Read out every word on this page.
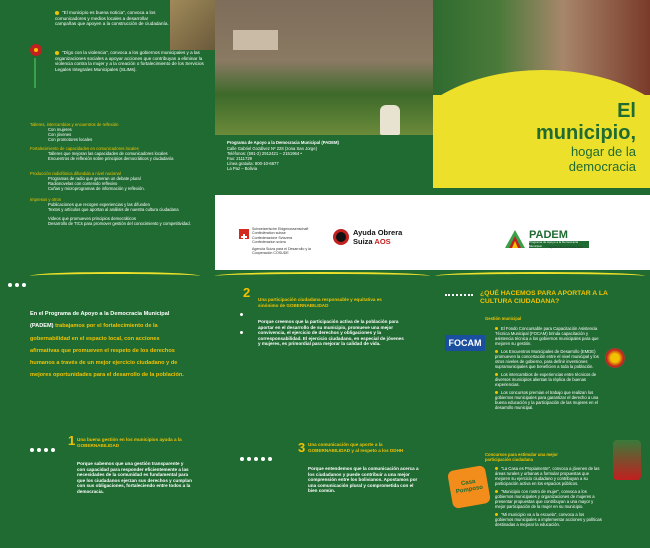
"El municipio es buena noticia", convoca a los comunicadores y medios locales a desarrollar campañas que apoyen a la construcción de ciudadanía.
"Dígo con la violencia", convoca a los gobiernos municipales y a las organizaciones sociales a apoyar acciones que contribuyan a eliminar la violencia contra la mujer y a la creación o fortalecimiento de los Servicios Legales Integrales Municipales (SLIMs).
Talleres, intercambios y encuentros de reflexión
Con mujeres
Con jóvenes
Con promotores locales
Fortalecimiento de capacidades en comunicadores locales
Talleres que mejoran las capacidades de comunicadores locales
Encuentros de reflexión sobre principios democráticos y ciudadanía
Producción radiofónica difundida a nivel nacional
Programas de radio que generan un debate plural
Radionovelas con contenido reflexivo
Cuñas y microprogramas de información y reflexión.
Impresos y otros
Publicaciones que recogen experiencias y las difunden
Textos y artículos que aportan al análisis de nuestra cultura ciudadana
Videos que promueven principios democráticos
Desarrollo de TICs para promover gestión del conocimiento y competitividad.
Programa de Apoyo a la Democracia Municipal (PADEM)
Calle Gabriel Gozálvez Nº 228 (zona San Jorge)
Teléfonos: (591-2) 2912421 – 2151964 •
Fax: 2111729
Línea gratuita: 800-10-6677
La Paz – Bolivia
El
municipio,
hogar de la
democracia
Schweizerische Eidgenossenschaft
Confédération suisse
Confederazione Svizzera
Confederaziun svizra
Agencia Suiza para el Desarrollo y la Cooperación COSUDE
Ayuda Obrera
Suiza AOS
PADEM
Programa de Apoyo a la Democracia Municipal	Ayuda Obrera Suiza AOS
En el Programa de Apoyo a la Democracia Municipal (PADEM) trabajamos por el fortalecimiento de la gobernabilidad en el espacio local, con acciones afirmativas que promueven el respeto de los derechos humanos a través de un mejor ejercicio ciudadano y de mejores oportunidades para el desarrollo de la población.
1 Una buena gestión en los municipios ayuda a la GOBERNABILIDAD
Porque sabemos que una gestión transparente y con capacidad para responder eficientemente a las necesidades de la comunidad es fundamental para que los ciudadanos ejerzan sus derechos y cumplan con sus obligaciones, fortaleciendo entre todos a la democracia.
2 Una participación ciudadana responsable y equitativa es sinónimo de GOBERNABILIDAD
Porque creemos que la participación activa de la población para aportar en el desarrollo de su municipio, promueve una mejor convivencia, el ejercicio de derechos y obligaciones y la corresponsabilidad. El ejercicio ciudadano, en especial de jóvenes y mujeres, es primordial para mejorar la calidad de vida.
3 Una comunicación que aporte a la GOBERNABILIDAD y al respeto a los DDHH
Porque entendemos que la comunicación acerca a los ciudadanos y puede contribuir a una mejor comprensión entre los bolivianos. Apostamos por una comunicación plural y comprometida con el bien común.
¿QUÉ HACEMOS PARA APORTAR A LA CULTURA CIUDADANA?
Gestión municipal
FOCAM
El Fondo Concursable para Capacitación Asistencia Técnica Municipal (FOCAM) brinda capacitación y asistencia técnica a los gobiernos municipales para que mejoren su gestión.
Los Encuentros Municipales de Desarrollo (EMDE) promueven la concertación entre el nivel municipal y los otros niveles de gobierno, para definir inversiones supramunicipales que beneficien a toda la población.
Los intercambios de experiencias entre técnicos de diversos municipios alientan la réplica de buenas experiencias.
Los concursos premian el trabajo que realizan los gobiernos municipales para garantizar el derecho a una buena educación y la participación de las mujeres en el desarrollo municipal.
Concursos para estimular una mejor participación ciudadana
Casa Pomposo
"La Casa es Propiamente", convoca a jóvenes de las áreas rurales y urbanas a formular propuestas que mejoren su ejercicio ciudadano y contribuyan a su participación activa en los espacios públicos.
"Municipio con rostro de mujer", convoca a los gobiernos municipales y organizaciones de mujeres a presentar propuestas que contribuyan a una mayor y mejor participación de la mujer en su municipio.
"Mi municipio va a la escuela", convoca a los gobiernos municipales a implementar acciones y políticas destinadas a mejorar la educación.
